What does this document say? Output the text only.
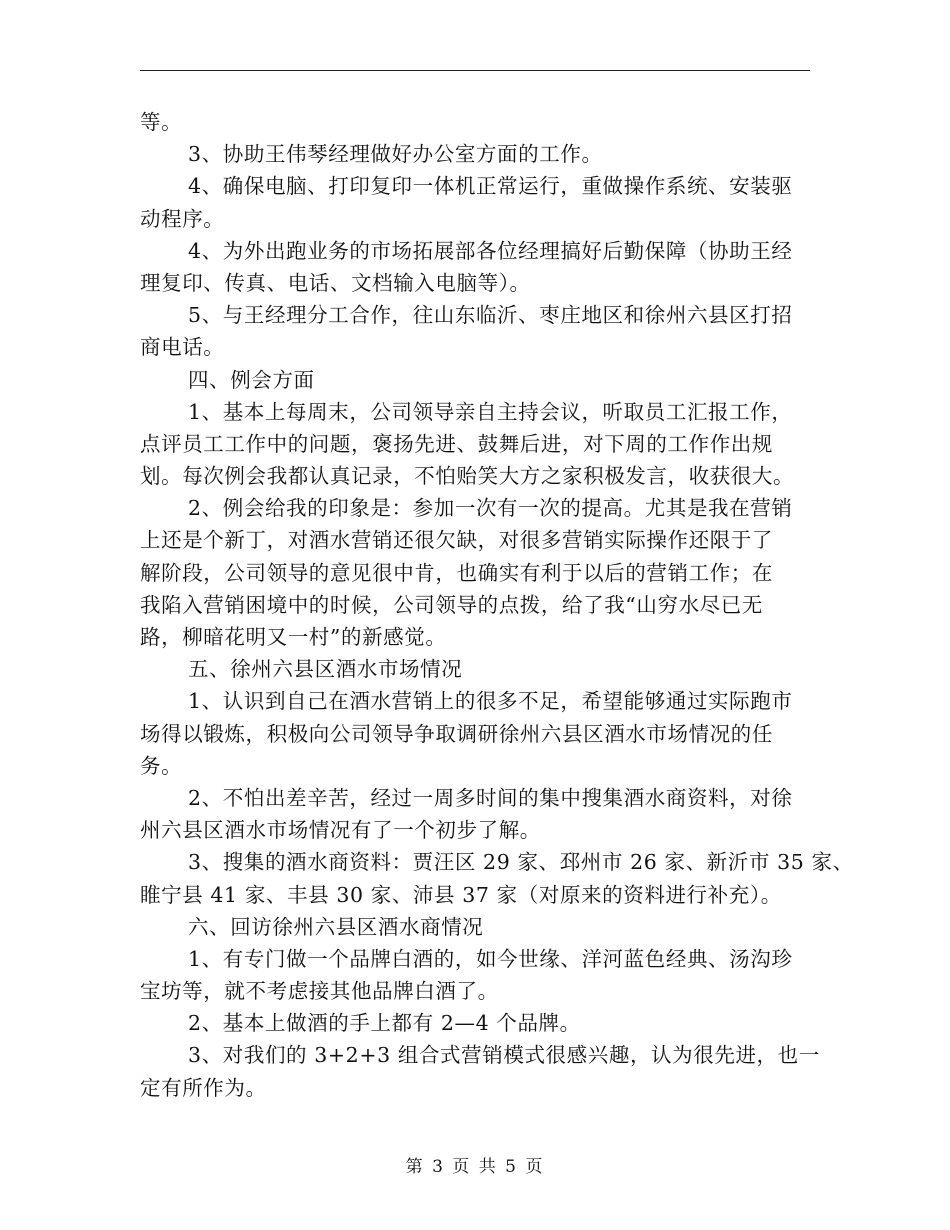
等。
3、协助王伟琴经理做好办公室方面的工作。
4、确保电脑、打印复印一体机正常运行，重做操作系统、安装驱
动程序。
4、为外出跑业务的市场拓展部各位经理搞好后勤保障（协助王经
理复印、传真、电话、文档输入电脑等）。
5、与王经理分工合作，往山东临沂、枣庄地区和徐州六县区打招
商电话。
四、例会方面
1、基本上每周末，公司领导亲自主持会议，听取员工汇报工作，
点评员工工作中的问题，褒扬先进、鼓舞后进，对下周的工作作出规
划。每次例会我都认真记录，不怕贻笑大方之家积极发言，收获很大。
2、例会给我的印象是：参加一次有一次的提高。尤其是我在营销
上还是个新丁，对酒水营销还很欠缺，对很多营销实际操作还限于了
解阶段，公司领导的意见很中肯，也确实有利于以后的营销工作；在
我陷入营销困境中的时候，公司领导的点拨，给了我“山穷水尽已无
路，柳暗花明又一村”的新感觉。
五、徐州六县区酒水市场情况
1、认识到自己在酒水营销上的很多不足，希望能够通过实际跑市
场得以锻炼，积极向公司领导争取调研徐州六县区酒水市场情况的任
务。
2、不怕出差辛苦，经过一周多时间的集中搜集酒水商资料，对徐
州六县区酒水市场情况有了一个初步了解。
3、搜集的酒水商资料：贾汪区 29 家、邳州市 26 家、新沂市 35 家、
睢宁县 41 家、丰县 30 家、沛县 37 家（对原来的资料进行补充）。
六、回访徐州六县区酒水商情况
1、有专门做一个品牌白酒的，如今世缘、洋河蓝色经典、汤沟珍
宝坊等，就不考虑接其他品牌白酒了。
2、基本上做酒的手上都有 2—4 个品牌。
3、对我们的 3+2+3 组合式营销模式很感兴趣，认为很先进，也一
定有所作为。
第 3 页 共 5 页
